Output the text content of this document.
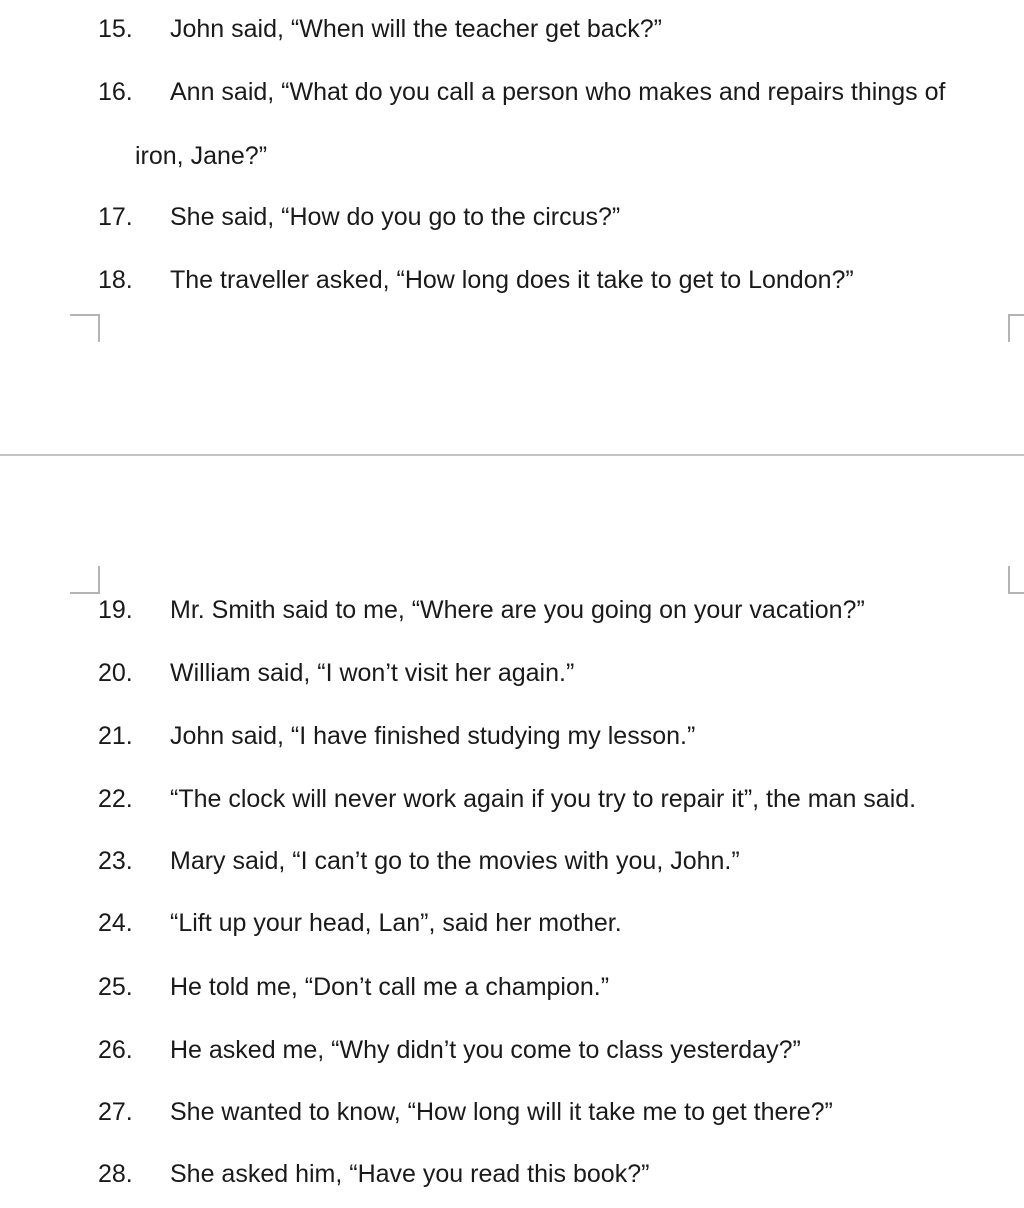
15. John said, “When will the teacher get back?”
16. Ann said, “What do you call a person who makes and repairs things of
iron, Jane?”
17. She said, “How do you go to the circus?”
18. The traveller asked, “How long does it take to get to London?”
19. Mr. Smith said to me, “Where are you going on your vacation?”
20. William said, “I won’t visit her again.”
21. John said, “I have finished studying my lesson.”
22. “The clock will never work again if you try to repair it”, the man said.
23. Mary said, “I can’t go to the movies with you, John.”
24. “Lift up your head, Lan”, said her mother.
25. He told me, “Don’t call me a champion.”
26. He asked me, “Why didn’t you come to class yesterday?”
27. She wanted to know, “How long will it take me to get there?”
28. She asked him, “Have you read this book?”
